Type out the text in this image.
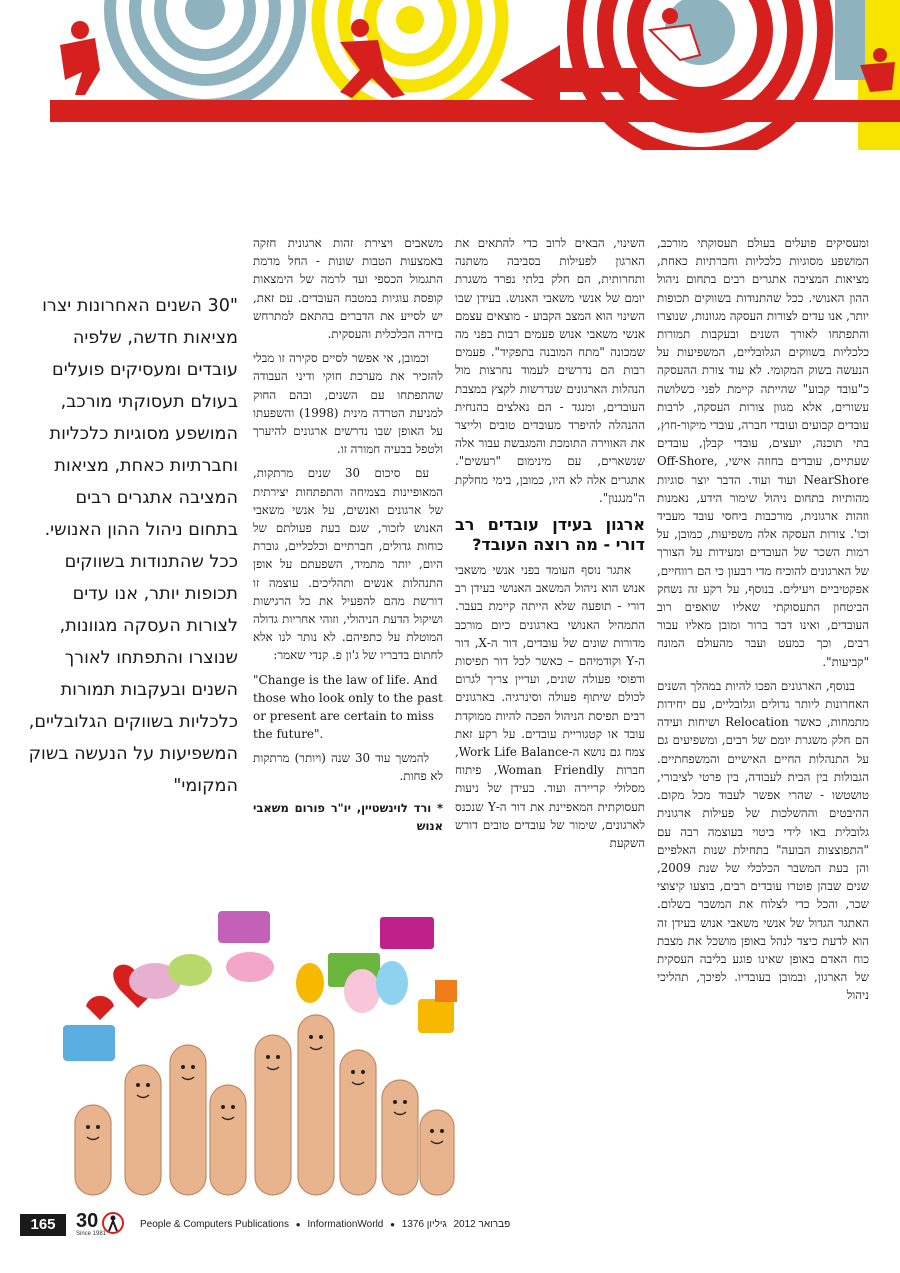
ומעסיקים פועלים בעולם תעסוקתי מורכב, המושפע מסוגיות כלכליות וחברתיות כאחת, מציאות המציבה אתגרים רבים בתחום ניהול ההון האנושי. ככל שהתנודות בשווקים תכופות יותר, אנו עדים לצורות העסקה מגוונות, שנוצרו והתפתחו לאורך השנים ובעקבות תמורות כלכליות בשווקים הגלובליים, המשפיעות על הנעשה בשוק המקומי. לא עוד צורת ההעסקה כ"עובד קבוע" שהייתה קיימת לפני כשלושה עשורים, אלא מגוון צורות העסקה, לרבות עובדים קבועים ועובדי חברה, עובדי מיקור-חוץ, בתי תוכנה, יועצים, עובדי קבלן, עובדים שעתיים, עובדים בחוזה אישי, Off-Shore, NearShore ועוד ועוד. הדבר יוצר סוגיות מהותיות בתחום ניהול שימור הידע, נאמנות וזהות ארגונית, מורכבות ביחסי עובד מעביד וכו'. צורות העסקה אלה משפיעות, כמובן, על רמות השכר של העובדים ומעידות על הצורך של הארגונים להוכיח מדי רבעון כי הם רווחיים, אפקטיביים ויעילים. בנוסף, על רקע זה נשחק הביטחון התעסוקתי שאליו שואפים רוב העובדים, ואינו דבר ברור ומובן מאליו עבור רבים, וכך כמעט ועבר מהעולם המונח "קביעות".

בנוסף, הארגונים הפכו להיות במהלך השנים האחרונות ליותר גדולים וגלובליים, עם יחידות מתמחות, כאשר Relocation ושיחות ועידה הם חלק משגרת יומם של רבים, ומשפיעים גם על התנהלות החיים האישיים והמשפחתיים. הגבולות בין הבית לעבודה, בין פרטי לציבורי, טושטשו - שהרי אפשר לעבוד מכל מקום. ההיבטים וההשלכות של פעילות ארגונית גלובלית באו לידי ביטוי בעוצמה רבה עם "התפוצצות הבועה" בתחילת שנות האלפיים והן בעת המשבר הכלכלי של שנת 2009, שנים שבהן פוטרו עובדים רבים, בוצעו קיצוצי שכר, והכל כדי לצלוח את המשבר בשלום. האתגר הגדול של אנשי משאבי אנוש בעידן זה הוא לדעת כיצד לנהל באופן מושכל את מצבת כוח האדם באופן שאינו פוגע בליבה העסקית של הארגון, ובמובן בעובדיו. לפיכך, תהליכי ניהול

השינוי, הבאים לרוב כדי להתאים את הארגון לפעילות בסביבה משתנה ותחרותית, הם חלק בלתי נפרד משגרת יומם של אנשי משאבי האנוש. בעידן שבו השינוי הוא המצב הקבוע - מוצאים עצמם אנשי משאבי אנוש פעמים רבות בפני מה שמכונה "מתח המובנה בתפקיד". פעמים רבות הם נדרשים לעמוד נחרצות מול הנהלות הארגונים שנדרשות לקצץ במצבת העובדים, ומנגד - הם נאלצים בהנחית ההנהלה להיפרד מעובדים טובים ולייצר את האווירה התומכת והמגבשת עבור אלה שנשארים, עם מינימום "רעשים". אתגרים אלה לא היו, כמובן, בימי מחלקת ה"מנגנון".

ארגון בעידן עובדים רב דורי - מה רוצה העובד?

אתגר נוסף העומד בפני אנשי משאבי אנוש הוא ניהול המשאב האנושי בעידן רב דורי - תופעה שלא הייתה קיימת בעבר. התמהיל האנושי בארגונים כיום מורכב מדורות שונים של עובדים, דור ה-X, דור ה-Y וקודמיהם – כאשר לכל דור תפיסות ודפוסי פעולה שונים, ועדיין צריך לגרום לכולם שיתוף פעולה וסינרגיה. בארגונים רבים תפיסת הניהול הפכה להיות ממוקדת עובד או קטגוריית עובדים. על רקע זאת צמח גם נושא ה-Work Life Balance, חברות Woman Friendly, פיתוח מסלולי קריירה ועוד. בעידן של ניעות תעסוקתית המאפיינת את דור ה-Y שנכנס לארגונים, שימור של עובדים טובים דורש השקעת

משאבים ויצירת זהות ארגונית חזקה באמצעות הטבות שונות - החל מרמת התגמול הכספי ועד לרמה של הימצאות קופסת עוגיות במטבח העובדים. עם זאת, יש לסייע את הדברים בהתאם למתרחש בזירה הכלכלית והעסקית.

וכמובן, אי אפשר לסיים סקירה זו מבלי להזכיר את מערכת חוקי ודיני העבודה שהתפתחו עם השנים, ובהם החוק למניעת הטרדה מינית (1998) והשפעתו על האופן שבו נדרשים ארגונים להיערך ולטפל בבעיה חמורה זו.

עם סיכום 30 שנים מרתקות, המאופיינות בצמיחה והתפתחות יצירתית של ארגונים ואנשים, על אנשי משאבי האנוש לזכור, שגם בעת פעולתם של כוחות גדולים, חברתיים וכלכליים, גוברת היום, יותר מתמיד, השפעתם על אופן התנהלות אנשים ותהליכים. עוצמה זו דורשת מהם להפעיל את כל הרגישות ושיקול הדעת הניהולי, וזוהי אחריות גדולה המוטלת על כתפיהם. לא נותר לנו אלא לחתום בדבריו של ג'ון פ. קנדי שאמר:

"Change is the law of life. And those who look only to the past or present are certain to miss the future".

להמשך עוד 30 שנה (ויותר) מרתקות לא פחות.

* ורד לוינשטיין, יו"ר פורום משאבי אנוש

"30 השנים האחרונות יצרו מציאות חדשה, שלפיה עובדים ומעסיקים פועלים בעולם תעסוקתי מורכב, המושפע מסוגיות כלכליות וחברתיות כאחת, מציאות המציבה אתגרים רבים בתחום ניהול ההון האנושי. ככל שהתנודות בשווקים תכופות יותר, אנו עדים לצורות העסקה מגוונות, שנוצרו והתפתחו לאורך השנים ובעקבות תמורות כלכליות בשווקים הגלובליים, המשפיעות על הנעשה בשוק המקומי"
165	30
Since 1981
People & Computers Publications ● InformationWorld ●	פברואר 2012 גיליון 1376
